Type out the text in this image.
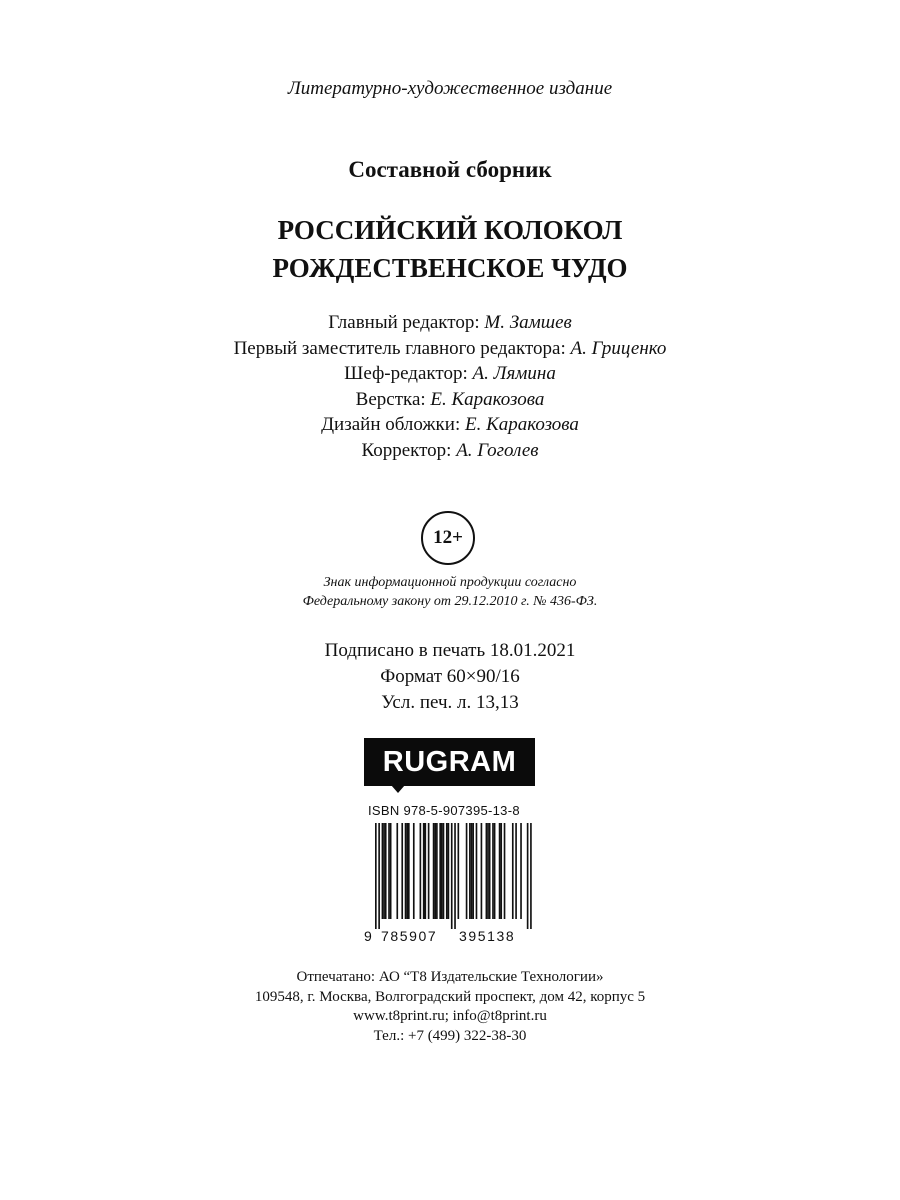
Литературно-художественное издание
Составной сборник
РОССИЙСКИЙ КОЛОКОЛ
РОЖДЕСТВЕНСКОЕ ЧУДО
Главный редактор: М. Замшев
Первый заместитель главного редактора: А. Гриценко
Шеф-редактор: А. Лямина
Верстка: Е. Каракозова
Дизайн обложки: Е. Каракозова
Корректор: А. Гоголев
12+
Знак информационной продукции согласно
Федеральному закону от 29.12.2010 г. № 436-ФЗ.
Подписано в печать 18.01.2021
Формат 60×90/16
Усл. печ. л. 13,13
RUGRAM
ISBN 978-5-907395-13-8
9 785907 395138
Отпечатано: АО “Т8 Издательские Технологии»
109548, г. Москва, Волгоградский проспект, дом 42, корпус 5
www.t8print.ru; info@t8print.ru
Тел.: +7 (499) 322-38-30
